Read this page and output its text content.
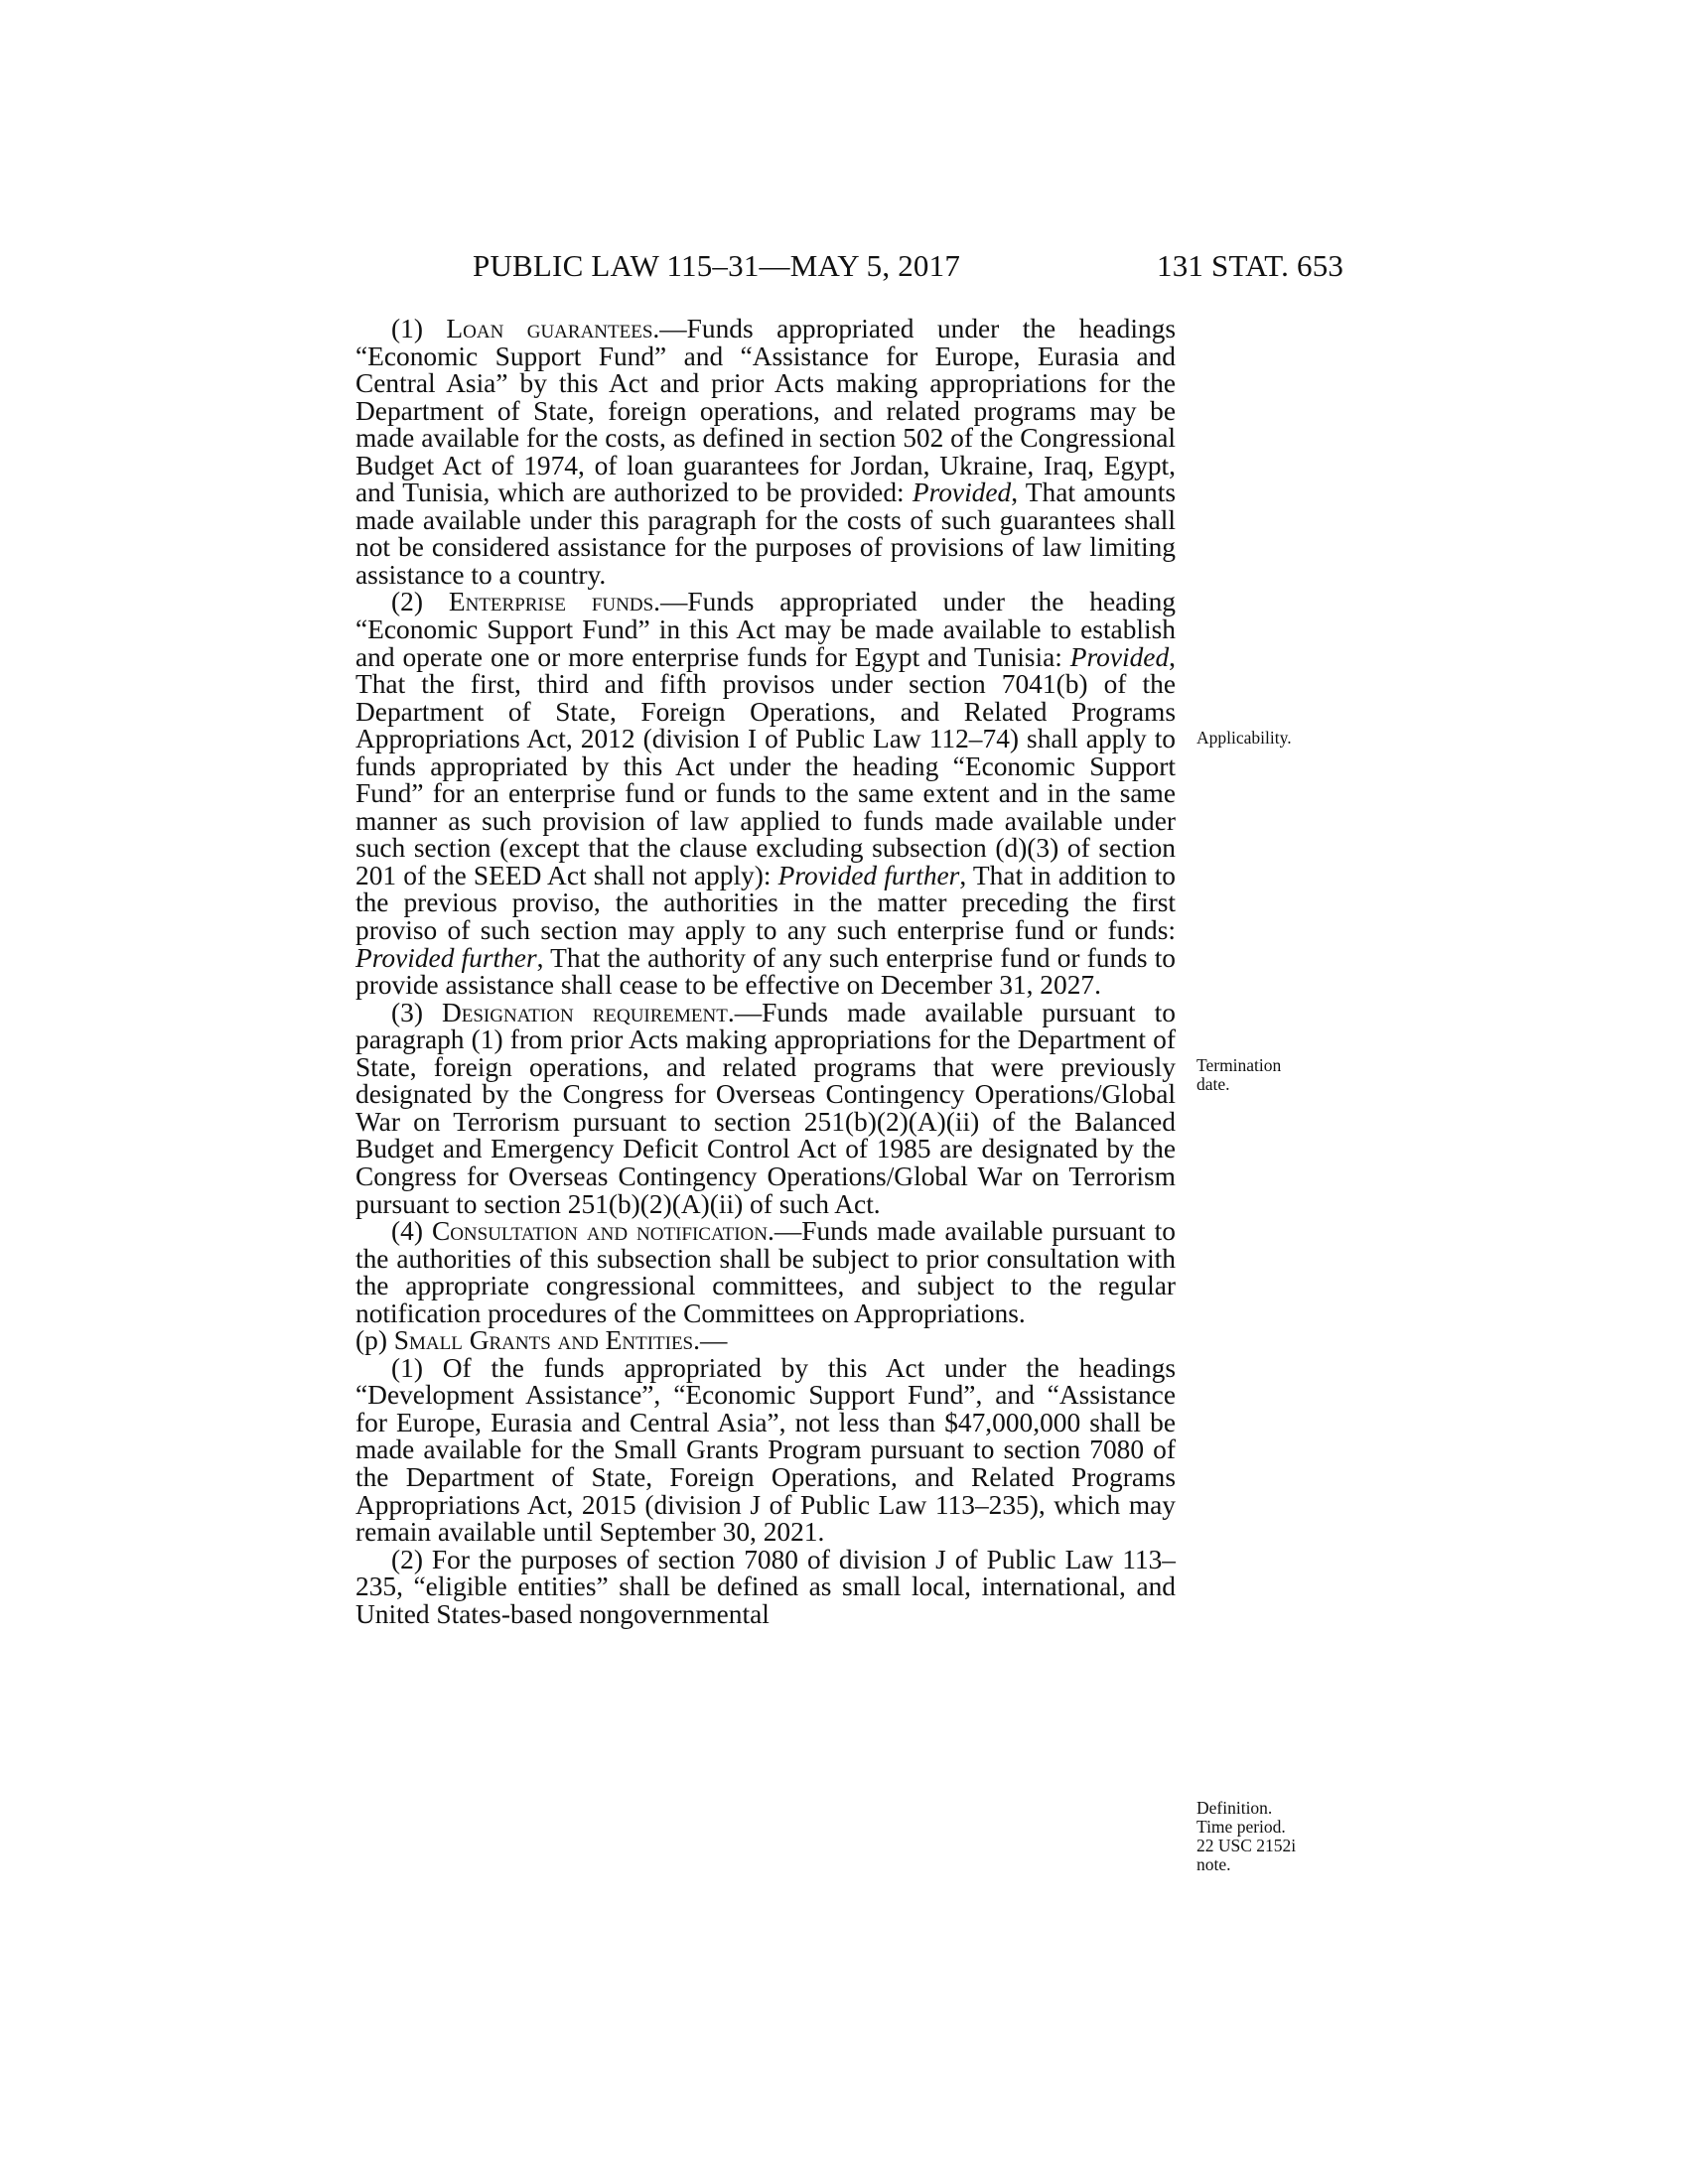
PUBLIC LAW 115–31—MAY 5, 2017	131 STAT. 653

(1) Loan guarantees.—Funds appropriated under the headings “Economic Support Fund” and “Assistance for Europe, Eurasia and Central Asia” by this Act and prior Acts making appropriations for the Department of State, foreign operations, and related programs may be made available for the costs, as defined in section 502 of the Congressional Budget Act of 1974, of loan guarantees for Jordan, Ukraine, Iraq, Egypt, and Tunisia, which are authorized to be provided: Provided, That amounts made available under this paragraph for the costs of such guarantees shall not be considered assistance for the purposes of provisions of law limiting assistance to a country.

(2) Enterprise funds.—Funds appropriated under the heading “Economic Support Fund” in this Act may be made available to establish and operate one or more enterprise funds for Egypt and Tunisia: Provided, That the first, third and fifth provisos under section 7041(b) of the Department of State, Foreign Operations, and Related Programs Appropriations Act, 2012 (division I of Public Law 112–74) shall apply to funds appropriated by this Act under the heading “Economic Support Fund” for an enterprise fund or funds to the same extent and in the same manner as such provision of law applied to funds made available under such section (except that the clause excluding subsection (d)(3) of section 201 of the SEED Act shall not apply): Provided further, That in addition to the previous proviso, the authorities in the matter preceding the first proviso of such section may apply to any such enterprise fund or funds: Provided further, That the authority of any such enterprise fund or funds to provide assistance shall cease to be effective on December 31, 2027.

(3) Designation requirement.—Funds made available pursuant to paragraph (1) from prior Acts making appropriations for the Department of State, foreign operations, and related programs that were previously designated by the Congress for Overseas Contingency Operations/Global War on Terrorism pursuant to section 251(b)(2)(A)(ii) of the Balanced Budget and Emergency Deficit Control Act of 1985 are designated by the Congress for Overseas Contingency Operations/Global War on Terrorism pursuant to section 251(b)(2)(A)(ii) of such Act.

(4) Consultation and notification.—Funds made available pursuant to the authorities of this subsection shall be subject to prior consultation with the appropriate congressional committees, and subject to the regular notification procedures of the Committees on Appropriations.

(p) Small Grants and Entities.—

(1) Of the funds appropriated by this Act under the headings “Development Assistance”, “Economic Support Fund”, and “Assistance for Europe, Eurasia and Central Asia”, not less than $47,000,000 shall be made available for the Small Grants Program pursuant to section 7080 of the Department of State, Foreign Operations, and Related Programs Appropriations Act, 2015 (division J of Public Law 113–235), which may remain available until September 30, 2021.

(2) For the purposes of section 7080 of division J of Public Law 113–235, “eligible entities” shall be defined as small local, international, and United States-based nongovernmental

Applicability.
Termination date.
Definition. Time period. 22 USC 2152i note.
